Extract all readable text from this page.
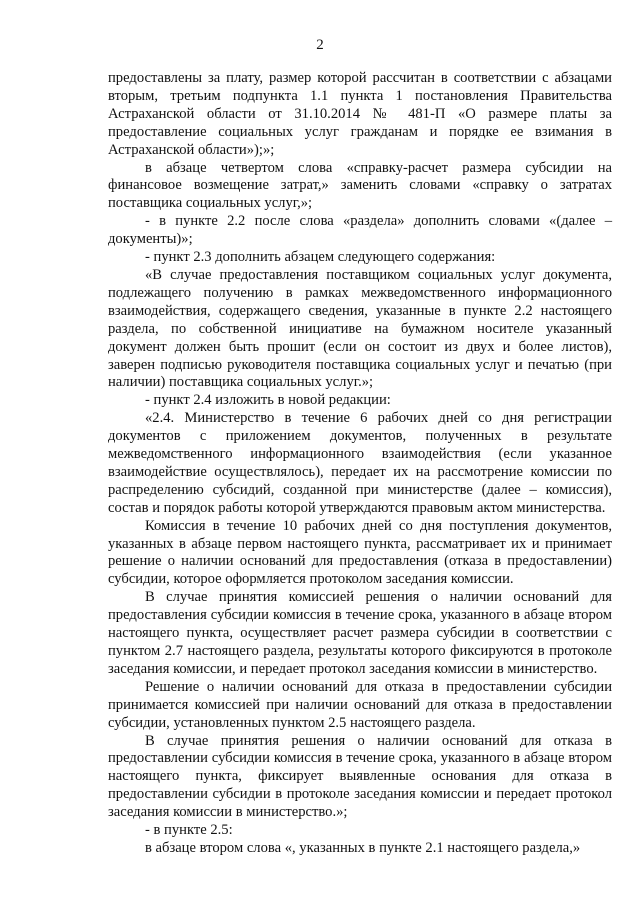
2

предоставлены за плату, размер которой рассчитан в соответствии с абзацами вторым, третьим подпункта 1.1 пункта 1 постановления Правительства Астраханской области от 31.10.2014 № 481-П «О размере платы за предоставление социальных услуг гражданам и порядке ее взимания в Астраханской области»);»;

в абзаце четвертом слова «справку-расчет размера субсидии на финансовое возмещение затрат,» заменить словами «справку о затратах поставщика социальных услуг,»;

- в пункте 2.2 после слова «раздела» дополнить словами «(далее – документы)»;

- пункт 2.3 дополнить абзацем следующего содержания:

«В случае предоставления поставщиком социальных услуг документа, подлежащего получению в рамках межведомственного информационного взаимодействия, содержащего сведения, указанные в пункте 2.2 настоящего раздела, по собственной инициативе на бумажном носителе указанный документ должен быть прошит (если он состоит из двух и более листов), заверен подписью руководителя поставщика социальных услуг и печатью (при наличии) поставщика социальных услуг.»;

- пункт 2.4 изложить в новой редакции:

«2.4. Министерство в течение 6 рабочих дней со дня регистрации документов с приложением документов, полученных в результате межведомственного информационного взаимодействия (если указанное взаимодействие осуществлялось), передает их на рассмотрение комиссии по распределению субсидий, созданной при министерстве (далее – комиссия), состав и порядок работы которой утверждаются правовым актом министерства.

Комиссия в течение 10 рабочих дней со дня поступления документов, указанных в абзаце первом настоящего пункта, рассматривает их и принимает решение о наличии оснований для предоставления (отказа в предоставлении) субсидии, которое оформляется протоколом заседания комиссии.

В случае принятия комиссией решения о наличии оснований для предоставления субсидии комиссия в течение срока, указанного в абзаце втором настоящего пункта, осуществляет расчет размера субсидии в соответствии с пунктом 2.7 настоящего раздела, результаты которого фиксируются в протоколе заседания комиссии, и передает протокол заседания комиссии в министерство.

Решение о наличии оснований для отказа в предоставлении субсидии принимается комиссией при наличии оснований для отказа в предоставлении субсидии, установленных пунктом 2.5 настоящего раздела.

В случае принятия решения о наличии оснований для отказа в предоставлении субсидии комиссия в течение срока, указанного в абзаце втором настоящего пункта, фиксирует выявленные основания для отказа в предоставлении субсидии в протоколе заседания комиссии и передает протокол заседания комиссии в министерство.»;

- в пункте 2.5:

в абзаце втором слова «, указанных в пункте 2.1 настоящего раздела,»
